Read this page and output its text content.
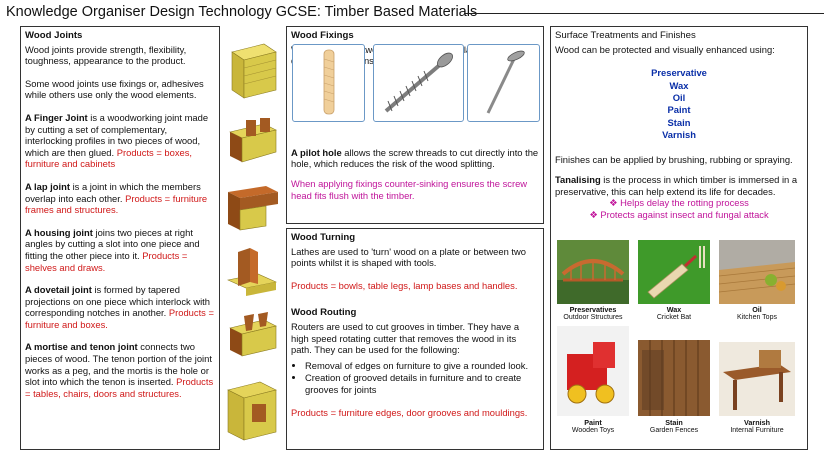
Knowledge Organiser Design Technology GCSE: Timber Based Materials
Wood Joints

Wood joints provide strength, flexibility, toughness, appearance to the product.

Some wood joints use fixings or, adhesives while others use only the wood elements.

A Finger Joint is a woodworking joint made by cutting a set of complementary, interlocking profiles in two pieces of wood, which are then glued. Products = boxes, furniture and cabinets

A lap joint is a joint in which the members overlap into each other. Products = furniture frames and structures.

A housing joint joins two pieces at right angles by cutting a slot into one piece and fitting the other piece into it. Products = shelves and draws.

A dovetail joint is formed by tapered projections on one piece which interlock with corresponding notches in another. Products = furniture and boxes.

A mortise and tenon joint connects two pieces of wood. The tenon portion of the joint works as a peg, and the mortis is the hole or slot into which the tenon is inserted. Products = tables, chairs, doors and structures.

Wood Fixings

two pins,

A pilot hole allows the screw threads to cut directly into the hole, which reduces the risk of the wood splitting.

When applying fixings counter-sinking ensures the screw head fits flush with the timber.

Wood Turning

Lathes are used to 'turn' wood on a plate or between two points whilst it is shaped with tools.

Products = bowls, table legs, lamp bases and handles.

Wood Routing

Routers are used to cut grooves in timber. They have a high speed rotating cutter that removes the wood in its path. They can be used for the following:

• Removal of edges on furniture to give a rounded look.
• Creation of grooved details in furniture and to create grooves for joints

Products = furniture edges, door grooves and mouldings.

Surface Treatments and Finishes

Wood can be protected and visually enhanced using:

Preservative
Wax
Oil
Paint
Stain
Varnish

Finishes can be applied by brushing, rubbing or spraying.

Tanalising is the process in which timber is immersed in a preservative, this can help extend its life for decades.

❖ Helps delay the rotting process
❖ Protects against insect and fungal attack
Preservatives
Outdoor Structures
Wax
Cricket Bat
Oil
Kitchen Tops
Paint
Wooden Toys
Stain
Garden Fences
Varnish
Internal Furniture
